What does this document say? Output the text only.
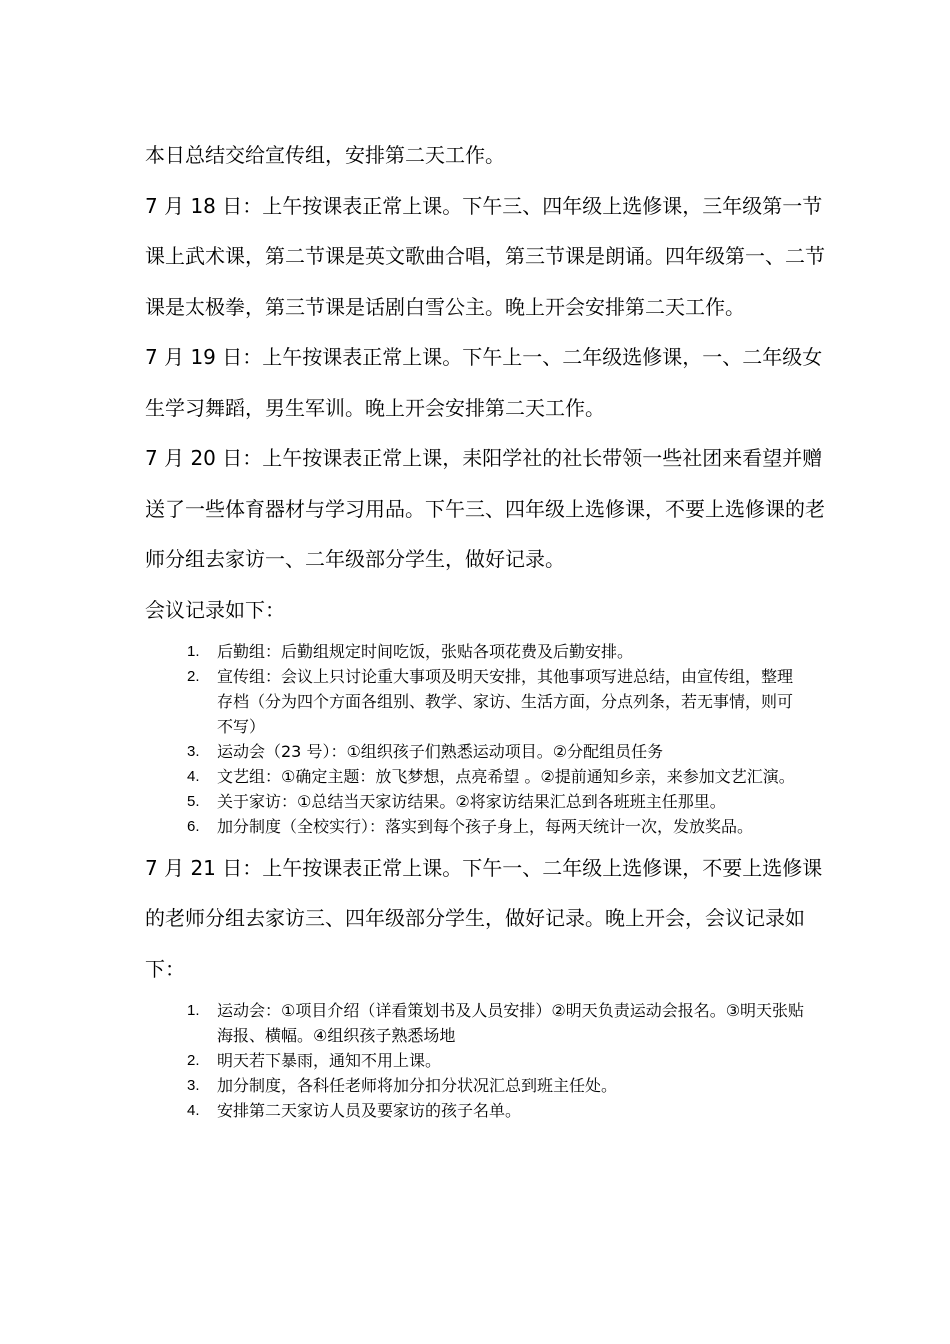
本日总结交给宣传组，安排第二天工作。

7 月 18 日：上午按课表正常上课。下午三、四年级上选修课，三年级第一节课上武术课，第二节课是英文歌曲合唱，第三节课是朗诵。四年级第一、二节课是太极拳，第三节课是话剧白雪公主。晚上开会安排第二天工作。

7 月 19 日：上午按课表正常上课。下午上一、二年级选修课，一、二年级女生学习舞蹈，男生军训。晚上开会安排第二天工作。

7 月 20 日：上午按课表正常上课，耒阳学社的社长带领一些社团来看望并赠送了一些体育器材与学习用品。下午三、四年级上选修课，不要上选修课的老师分组去家访一、二年级部分学生，做好记录。

会议记录如下：

1. 后勤组：后勤组规定时间吃饭，张贴各项花费及后勤安排。
2. 宣传组：会议上只讨论重大事项及明天安排，其他事项写进总结，由宣传组，整理存档（分为四个方面各组别、教学、家访、生活方面，分点列条，若无事情，则可不写）
3. 运动会（23 号）：①组织孩子们熟悉运动项目。②分配组员任务
4. 文艺组：①确定主题：放飞梦想，点亮希望 。②提前通知乡亲，来参加文艺汇演。
5. 关于家访：①总结当天家访结果。②将家访结果汇总到各班班主任那里。
6. 加分制度（全校实行）：落实到每个孩子身上，每两天统计一次，发放奖品。

7 月 21 日：上午按课表正常上课。下午一、二年级上选修课，不要上选修课的老师分组去家访三、四年级部分学生，做好记录。晚上开会，会议记录如下：

1. 运动会：①项目介绍（详看策划书及人员安排）②明天负责运动会报名。③明天张贴海报、横幅。④组织孩子熟悉场地
2. 明天若下暴雨，通知不用上课。
3. 加分制度，各科任老师将加分扣分状况汇总到班主任处。
4. 安排第二天家访人员及要家访的孩子名单。
